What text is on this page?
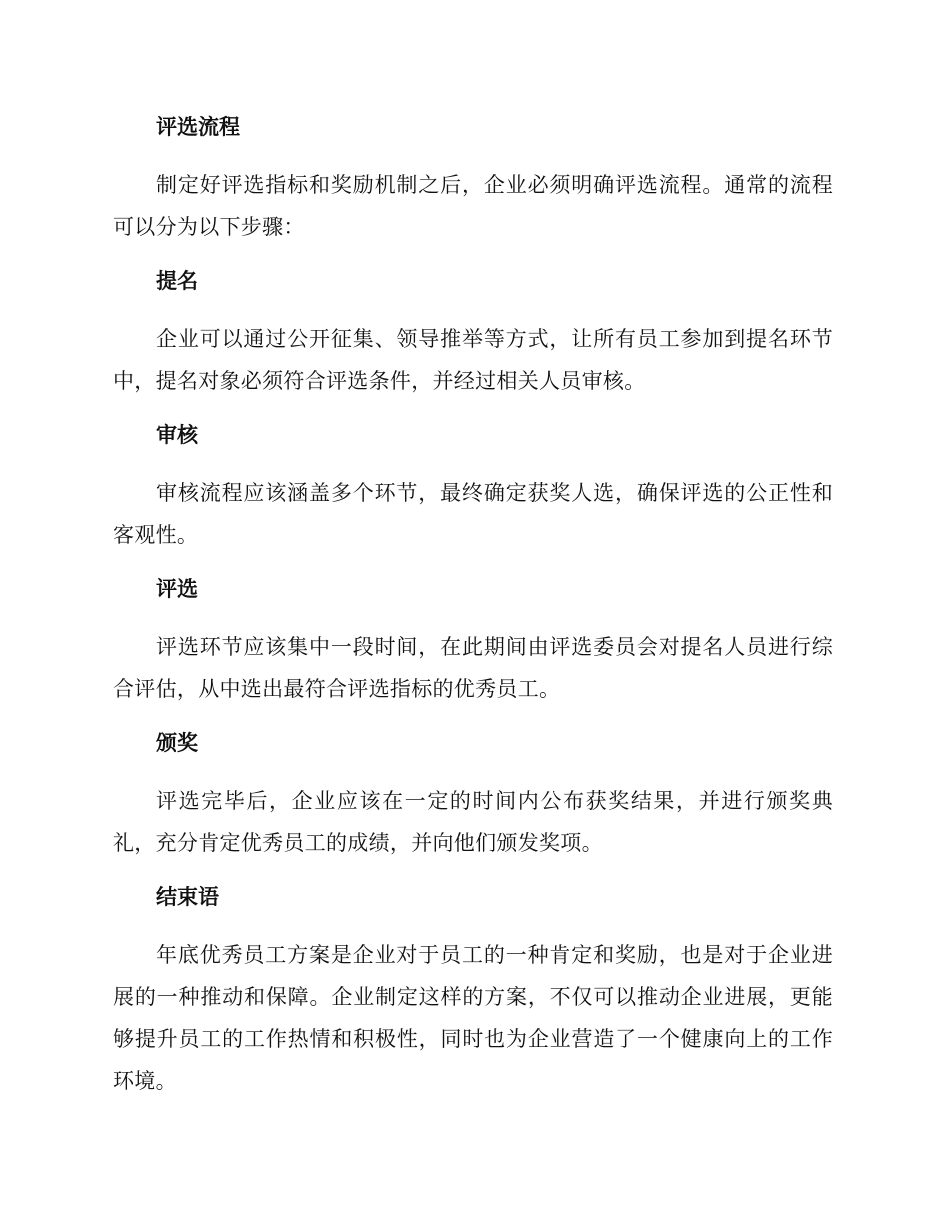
评选流程

制定好评选指标和奖励机制之后，企业必须明确评选流程。通常的流程可以分为以下步骤：

提名

企业可以通过公开征集、领导推举等方式，让所有员工参加到提名环节中，提名对象必须符合评选条件，并经过相关人员审核。

审核

审核流程应该涵盖多个环节，最终确定获奖人选，确保评选的公正性和客观性。

评选

评选环节应该集中一段时间，在此期间由评选委员会对提名人员进行综合评估，从中选出最符合评选指标的优秀员工。

颁奖

评选完毕后，企业应该在一定的时间内公布获奖结果，并进行颁奖典礼，充分肯定优秀员工的成绩，并向他们颁发奖项。

结束语

年底优秀员工方案是企业对于员工的一种肯定和奖励，也是对于企业进展的一种推动和保障。企业制定这样的方案，不仅可以推动企业进展，更能够提升员工的工作热情和积极性，同时也为企业营造了一个健康向上的工作环境。
